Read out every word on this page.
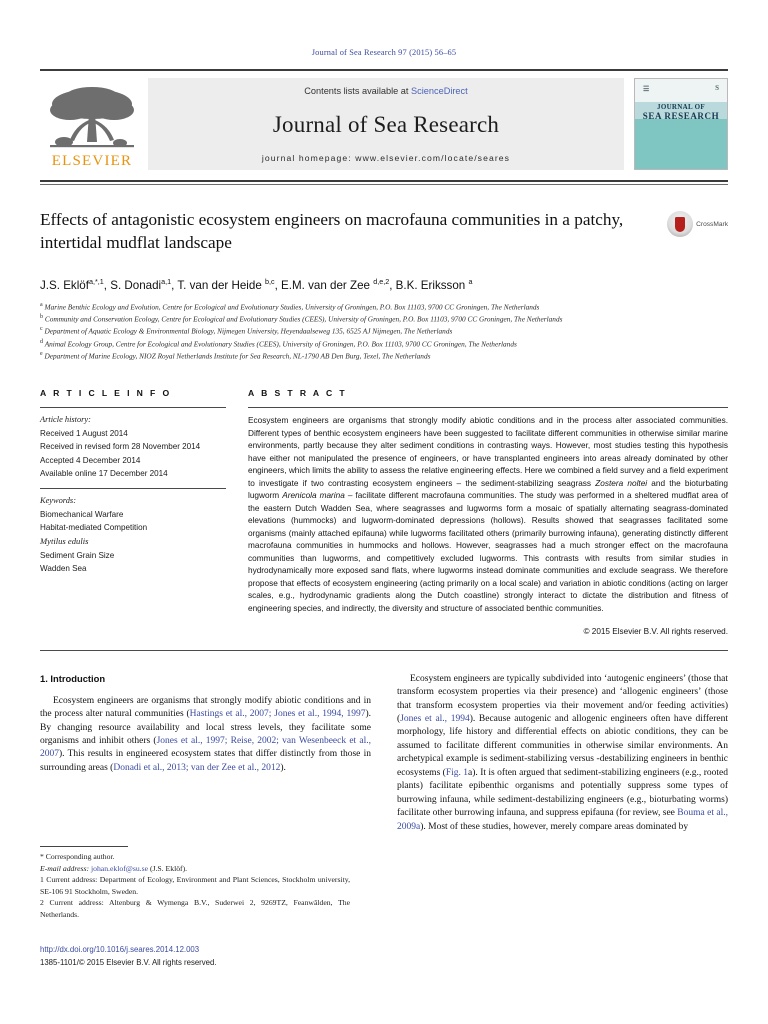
Journal of Sea Research 97 (2015) 56–65
ELSEVIER
Contents lists available at ScienceDirect
Journal of Sea Research
journal homepage: www.elsevier.com/locate/seares
☰	S
JOURNAL OF
SEA RESEARCH
Effects of antagonistic ecosystem engineers on macrofauna communities in a patchy, intertidal mudflat landscape
CrossMark
J.S. Eklöf$^{a,*,1}$, S. Donadi$^{a,1}$, T. van der Heide $^{b,c}$, E.M. van der Zee $^{d,e,2}$, B.K. Eriksson $^a$
$^a$ Marine Benthic Ecology and Evolution, Centre for Ecological and Evolutionary Studies, University of Groningen, P.O. Box 11103, 9700 CC Groningen, The Netherlands
$^b$ Community and Conservation Ecology, Centre for Ecological and Evolutionary Studies (CEES), University of Groningen, P.O. Box 11103, 9700 CC Groningen, The Netherlands
$^c$ Department of Aquatic Ecology & Environmental Biology, Nijmegen University, Heyendaalseweg 135, 6525 AJ Nijmegen, The Netherlands
$^d$ Animal Ecology Group, Centre for Ecological and Evolutionary Studies (CEES), University of Groningen, P.O. Box 11103, 9700 CC Groningen, The Netherlands
$^e$ Department of Marine Ecology, NIOZ Royal Netherlands Institute for Sea Research, NL-1790 AB Den Burg, Texel, The Netherlands
A R T I C L E I N F O
Article history:
Received 1 August 2014
Received in revised form 28 November 2014
Accepted 4 December 2014
Available online 17 December 2014
Keywords:
Biomechanical Warfare
Habitat-mediated Competition
Mytilus edulis
Sediment Grain Size
Wadden Sea
A B S T R A C T
Ecosystem engineers are organisms that strongly modify abiotic conditions and in the process alter associated communities. Different types of benthic ecosystem engineers have been suggested to facilitate different communities in otherwise similar marine environments, partly because they alter sediment conditions in contrasting ways. However, most studies testing this hypothesis have either not manipulated the presence of engineers, or have transplanted engineers into areas already dominated by other engineers, which limits the ability to assess the relative engineering effects. Here we combined a field survey and a field experiment to investigate if two contrasting ecosystem engineers – the sediment-stabilizing seagrass Zostera noltei and the bioturbating lugworm Arenicola marina – facilitate different macrofauna communities. The study was performed in a sheltered mudflat area of the eastern Dutch Wadden Sea, where seagrasses and lugworms form a mosaic of spatially alternating seagrass-dominated elevations (hummocks) and lugworm-dominated depressions (hollows). Results showed that seagrasses facilitated some organisms (mainly attached epifauna) while lugworms facilitated others (primarily burrowing infauna), generating distinctly different macrofauna communities in hummocks and hollows. However, seagrasses had a much stronger effect on the macrofauna communities than lugworms, and competitively excluded lugworms. This contrasts with results from similar studies in hydrodynamically more exposed sand flats, where lugworms instead dominate communities and exclude seagrass. We therefore propose that effects of ecosystem engineering (acting primarily on a local scale) and variation in abiotic conditions (acting on larger scales, e.g., hydrodynamic gradients along the Dutch coastline) strongly interact to dictate the distribution and fitness of engineering species, and indirectly, the diversity and structure of associated benthic communities.
© 2015 Elsevier B.V. All rights reserved.
1. Introduction

Ecosystem engineers are organisms that strongly modify abiotic conditions and in the process alter natural communities (Hastings et al., 2007; Jones et al., 1994, 1997). By changing resource availability and local stress levels, they facilitate some organisms and inhibit others (Jones et al., 1997; Reise, 2002; van Wesenbeeck et al., 2007). This results in engineered ecosystem states that differ distinctly from those in surrounding areas (Donadi et al., 2013; van der Zee et al., 2012).

Ecosystem engineers are typically subdivided into ‘autogenic engineers’ (those that transform ecosystem properties via their presence) and ‘allogenic engineers’ (those that transform ecosystem properties via their movement and/or feeding activities) (Jones et al., 1994). Because autogenic and allogenic engineers often have different morphology, life history and differential effects on abiotic conditions, they can be assumed to facilitate different communities in otherwise similar environments. An archetypical example is sediment-stabilizing versus -destabilizing engineers in benthic ecosystems (Fig. 1a). It is often argued that sediment-stabilizing engineers (e.g., rooted plants) facilitate epibenthic organisms and potentially suppress some types of burrowing infauna, while sediment-destabilizing engineers (e.g., bioturbating worms) facilitate other burrowing infauna, and suppress epifauna (for review, see Bouma et al., 2009a). Most of these studies, however, merely compare areas dominated by

* Corresponding author.
E-mail address: johan.eklof@su.se (J.S. Eklöf).
1 Current address: Department of Ecology, Environment and Plant Sciences, Stockholm university, SE-106 91 Stockholm, Sweden.
2 Current address: Altenburg & Wymenga B.V., Suderwei 2, 9269TZ, Feanwâlden, The Netherlands.
http://dx.doi.org/10.1016/j.seares.2014.12.003
1385-1101/© 2015 Elsevier B.V. All rights reserved.
